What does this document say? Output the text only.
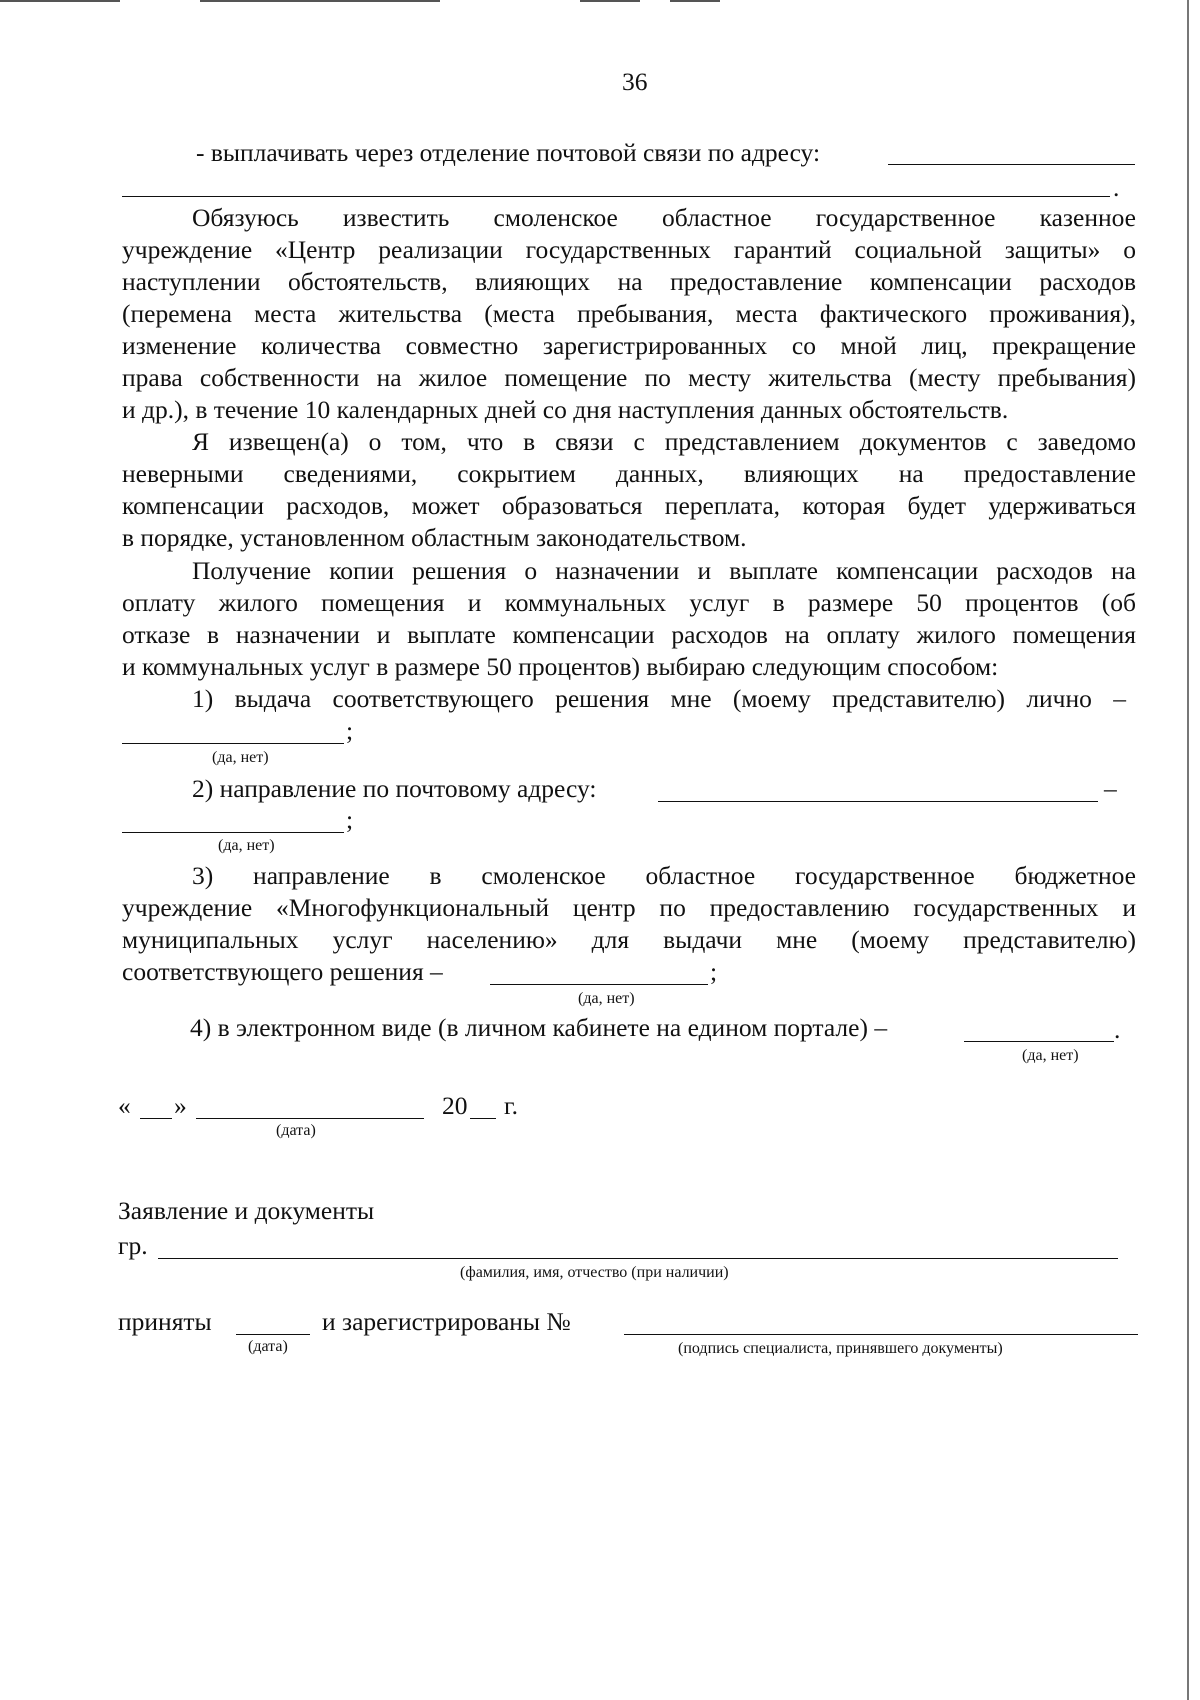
36
- выплачивать через отделение почтовой связи по адресу:
.
Обязуюсь известить смоленское областное государственное казенное
учреждение «Центр реализации государственных гарантий социальной защиты» о
наступлении обстоятельств, влияющих на предоставление компенсации расходов
(перемена места жительства (места пребывания, места фактического проживания),
изменение количества совместно зарегистрированных со мной лиц, прекращение
права собственности на жилое помещение по месту жительства (месту пребывания)
и др.), в течение 10 календарных дней со дня наступления данных обстоятельств.
Я извещен(а) о том, что в связи с представлением документов с заведомо
неверными сведениями, сокрытием данных, влияющих на предоставление
компенсации расходов, может образоваться переплата, которая будет удерживаться
в порядке, установленном областным законодательством.
Получение копии решения о назначении и выплате компенсации расходов на
оплату жилого помещения и коммунальных услуг в размере 50 процентов (об
отказе в назначении и выплате компенсации расходов на оплату жилого помещения
и коммунальных услуг в размере 50 процентов) выбираю следующим способом:
1) выдача соответствующего решения мне (моему представителю) лично –
;
(да, нет)
2) направление по почтовому адресу:	–
;
(да, нет)
3) направление в смоленское областное государственное бюджетное
учреждение «Многофункциональный центр по предоставлению государственных и
муниципальных услуг населению» для выдачи мне (моему представителю)
соответствующего решения –	;
(да, нет)
4) в электронном виде (в личном кабинете на едином портале) –	.
(да, нет)
« »	20 г.
(дата)
Заявление и документы
гр.
(фамилия, имя, отчество (при наличии)
приняты	и зарегистрированы №
(дата)	(подпись специалиста, принявшего документы)
